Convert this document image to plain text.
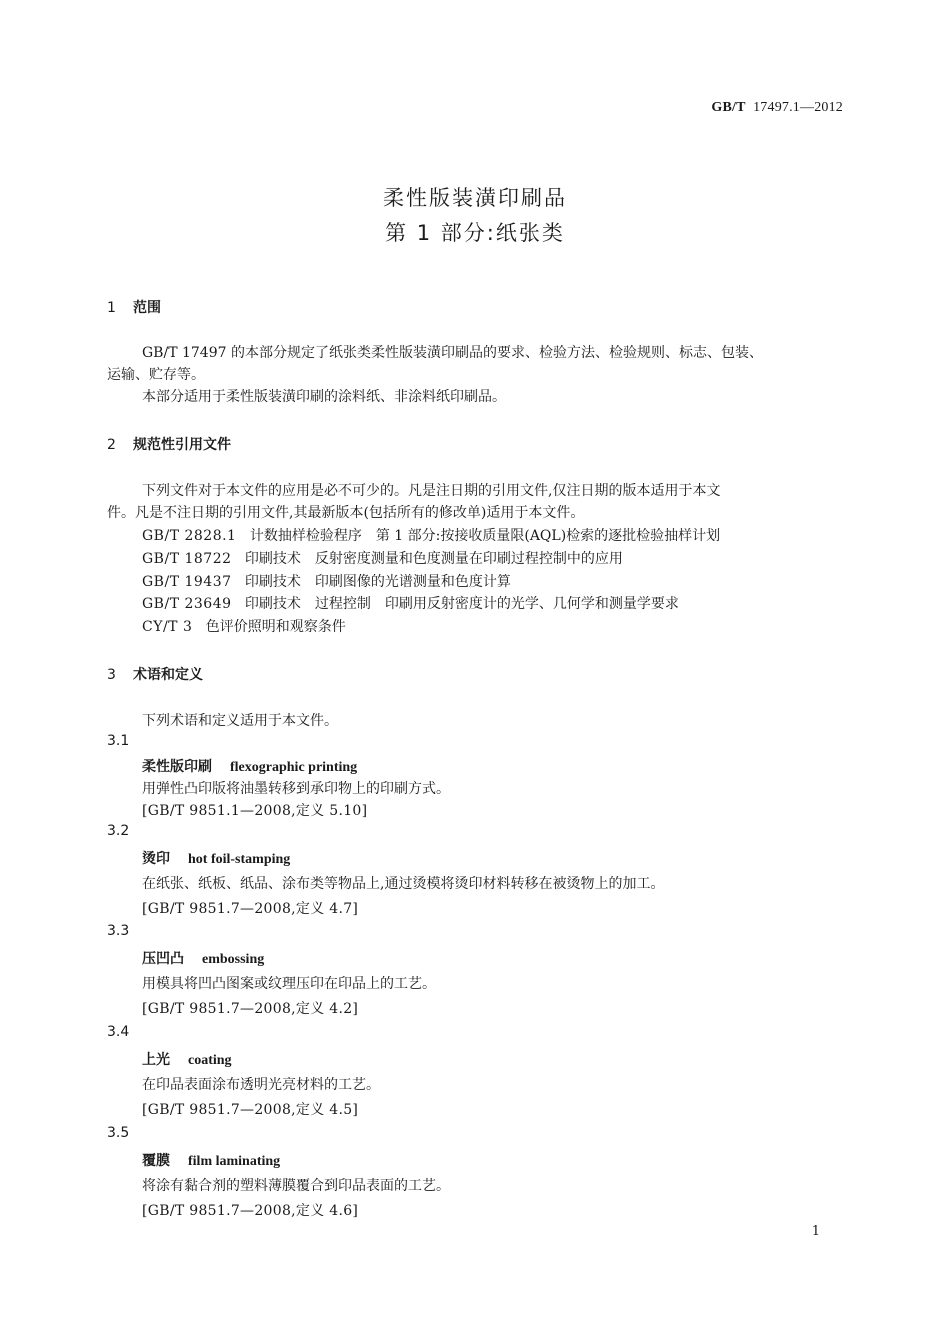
GB/T 17497.1—2012
柔性版装潢印刷品
第 1 部分:纸张类
1 范围
GB/T 17497 的本部分规定了纸张类柔性版装潢印刷品的要求、检验方法、检验规则、标志、包装、
运输、贮存等。
本部分适用于柔性版装潢印刷的涂料纸、非涂料纸印刷品。
2 规范性引用文件
下列文件对于本文件的应用是必不可少的。凡是注日期的引用文件,仅注日期的版本适用于本文
件。凡是不注日期的引用文件,其最新版本(包括所有的修改单)适用于本文件。
GB/T 2828.1 计数抽样检验程序　第 1 部分:按接收质量限(AQL)检索的逐批检验抽样计划
GB/T 18722 印刷技术　反射密度测量和色度测量在印刷过程控制中的应用
GB/T 19437 印刷技术　印刷图像的光谱测量和色度计算
GB/T 23649 印刷技术　过程控制　印刷用反射密度计的光学、几何学和测量学要求
CY/T 3 色评价照明和观察条件
3 术语和定义
下列术语和定义适用于本文件。
3.1
柔性版印刷 flexographic printing
用弹性凸印版将油墨转移到承印物上的印刷方式。
[GB/T 9851.1—2008,定义 5.10]
3.2
烫印 hot foil-stamping
在纸张、纸板、纸品、涂布类等物品上,通过烫模将烫印材料转移在被烫物上的加工。
[GB/T 9851.7—2008,定义 4.7]
3.3
压凹凸 embossing
用模具将凹凸图案或纹理压印在印品上的工艺。
[GB/T 9851.7—2008,定义 4.2]
3.4
上光 coating
在印品表面涂布透明光亮材料的工艺。
[GB/T 9851.7—2008,定义 4.5]
3.5
覆膜 film laminating
将涂有黏合剂的塑料薄膜覆合到印品表面的工艺。
[GB/T 9851.7—2008,定义 4.6]
1
